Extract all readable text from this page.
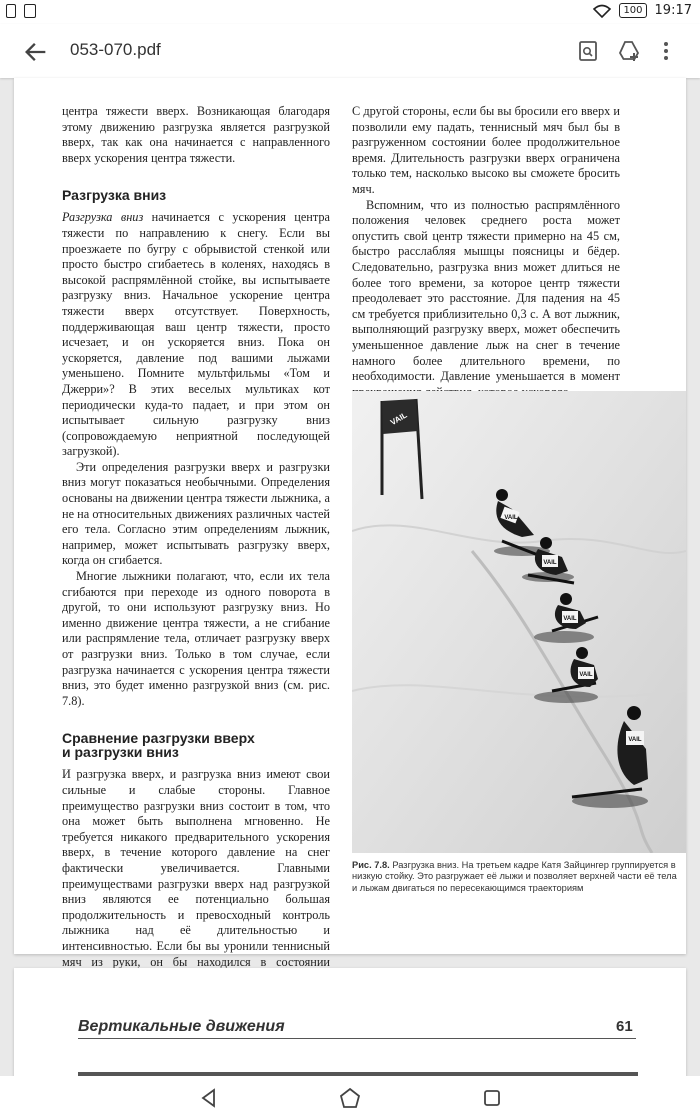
100 19:17
053-070.pdf

центра тяжести вверх. Возникающая благодаря этому движению разгрузка является разгрузкой вверх, так как она начинается с направленного вверх ускорения центра тяжести.

Разгрузка вниз

Разгрузка вниз начинается с ускорения центра тяжести по направлению к снегу. Если вы проезжаете по бугру с обрывистой стенкой или просто быстро сгибаетесь в коленях, находясь в высокой распрямлённой стойке, вы испытываете разгрузку вниз. Начальное ускорение центра тяжести вверх отсутствует. Поверхность, поддерживающая ваш центр тяжести, просто исчезает, и он ускоряется вниз. Пока он ускоряется, давление под вашими лыжами уменьшено. Помните мультфильмы «Том и Джерри»? В этих веселых мультиках кот периодически куда-то падает, и при этом он испытывает сильную разгрузку вниз (сопровождаемую неприятной последующей загрузкой).

Эти определения разгрузки вверх и разгрузки вниз могут показаться необычными. Определения основаны на движении центра тяжести лыжника, а не на относительных движениях различных частей его тела. Согласно этим определениям лыжник, например, может испытывать разгрузку вверх, когда он сгибается.

Многие лыжники полагают, что, если их тела сгибаются при переходе из одного поворота в другой, то они используют разгрузку вниз. Но именно движение центра тяжести, а не сгибание или распрямление тела, отличает разгрузку вверх от разгрузки вниз. Только в том случае, если разгрузка начинается с ускорения центра тяжести вниз, это будет именно разгрузкой вниз (см. рис. 7.8).

Сравнение разгрузки вверх
и разгрузки вниз

И разгрузка вверх, и разгрузка вниз имеют свои сильные и слабые стороны. Главное преимущество разгрузки вниз состоит в том, что она может быть выполнена мгновенно. Не требуется никакого предварительного ускорения вверх, в течение которого давление на снег фактически увеличивается. Главными преимуществами разгрузки вверх над разгрузкой вниз являются ее потенциально большая продолжительность и превосходный контроль лыжника над её длительностью и интенсивностью. Если бы вы уронили теннисный мяч из руки, он бы находился в состоянии

С другой стороны, если бы вы бросили его вверх и позволили ему падать, теннисный мяч был бы в разгруженном состоянии более продолжительное время. Длительность разгрузки вверх ограничена только тем, насколько высоко вы сможете бросить мяч.

Вспомним, что из полностью распрямлённого положения человек среднего роста может опустить свой центр тяжести примерно на 45 см, быстро расслабляя мышцы поясницы и бёдер. Следовательно, разгрузка вниз может длиться не более того времени, за которое центр тяжести преодолевает это расстояние. Для падения на 45 см требуется приблизительно 0,3 с. А вот лыжник, выполняющий разгрузку вверх, может обеспечить уменьшенное давление лыж на снег в течение намного более длительного времени, по необходимости. Давление уменьшается в момент

VAIL
VAIL
VAIL
VAIL
VAIL
VAIL
Рис. 7.8. Разгрузка вниз. На третьем кадре Катя Зайцингер группируется в низкую стойку. Это разгружает её лыжи и позволяет верхней части её тела и лыжам двигаться по пересекающимся траекториям
Вертикальные движения	61
